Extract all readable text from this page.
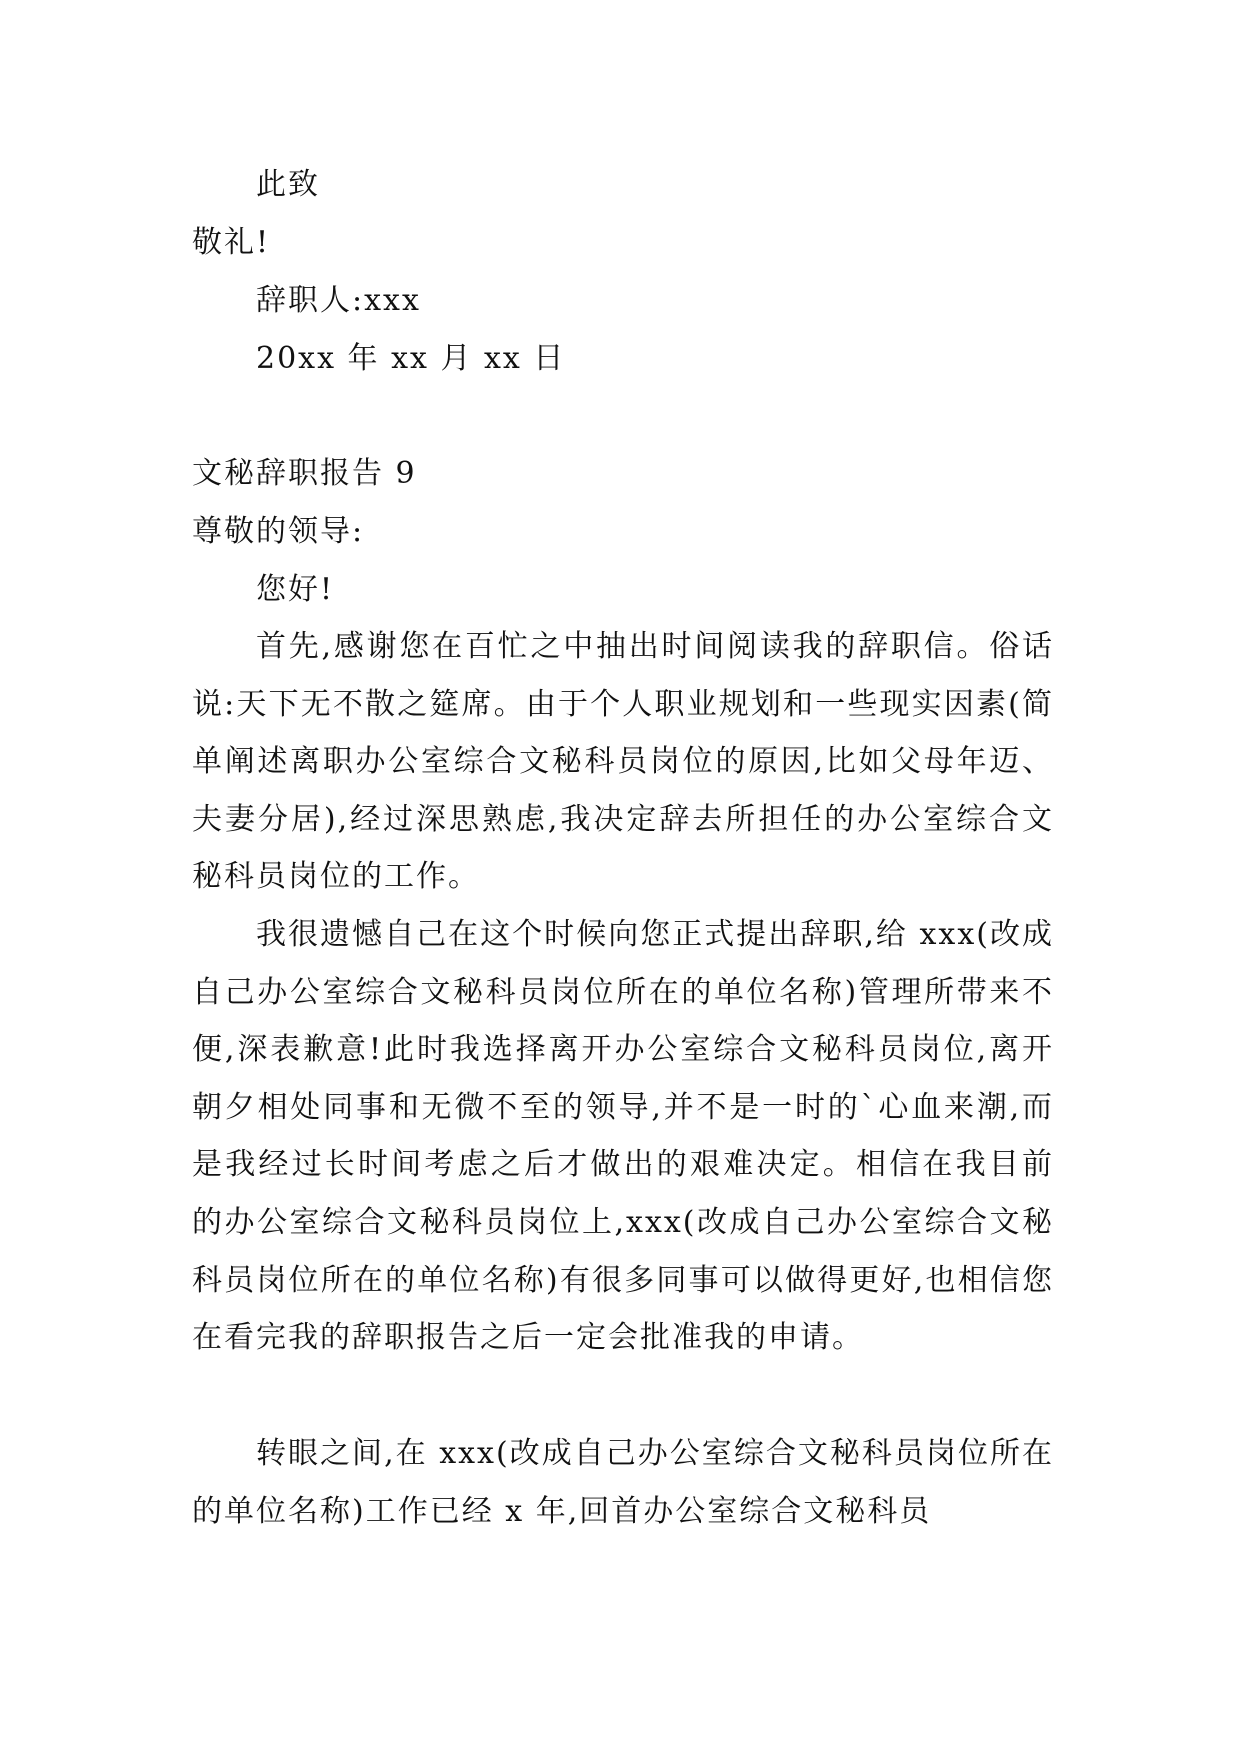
此致
敬礼!
辞职人:xxx
20xx 年 xx 月 xx 日
文秘辞职报告 9
尊敬的领导:
您好!

首先,感谢您在百忙之中抽出时间阅读我的辞职信。俗话说:天下无不散之筵席。由于个人职业规划和一些现实因素(简单阐述离职办公室综合文秘科员岗位的原因,比如父母年迈、夫妻分居),经过深思熟虑,我决定辞去所担任的办公室综合文秘科员岗位的工作。

我很遗憾自己在这个时候向您正式提出辞职,给 xxx(改成自己办公室综合文秘科员岗位所在的单位名称)管理所带来不便,深表歉意!此时我选择离开办公室综合文秘科员岗位,离开朝夕相处同事和无微不至的领导,并不是一时的`心血来潮,而是我经过长时间考虑之后才做出的艰难决定。相信在我目前的办公室综合文秘科员岗位上,xxx(改成自己办公室综合文秘科员岗位所在的单位名称)有很多同事可以做得更好,也相信您在看完我的辞职报告之后一定会批准我的申请。

转眼之间,在 xxx(改成自己办公室综合文秘科员岗位所在的单位名称)工作已经 x 年,回首办公室综合文秘科员
